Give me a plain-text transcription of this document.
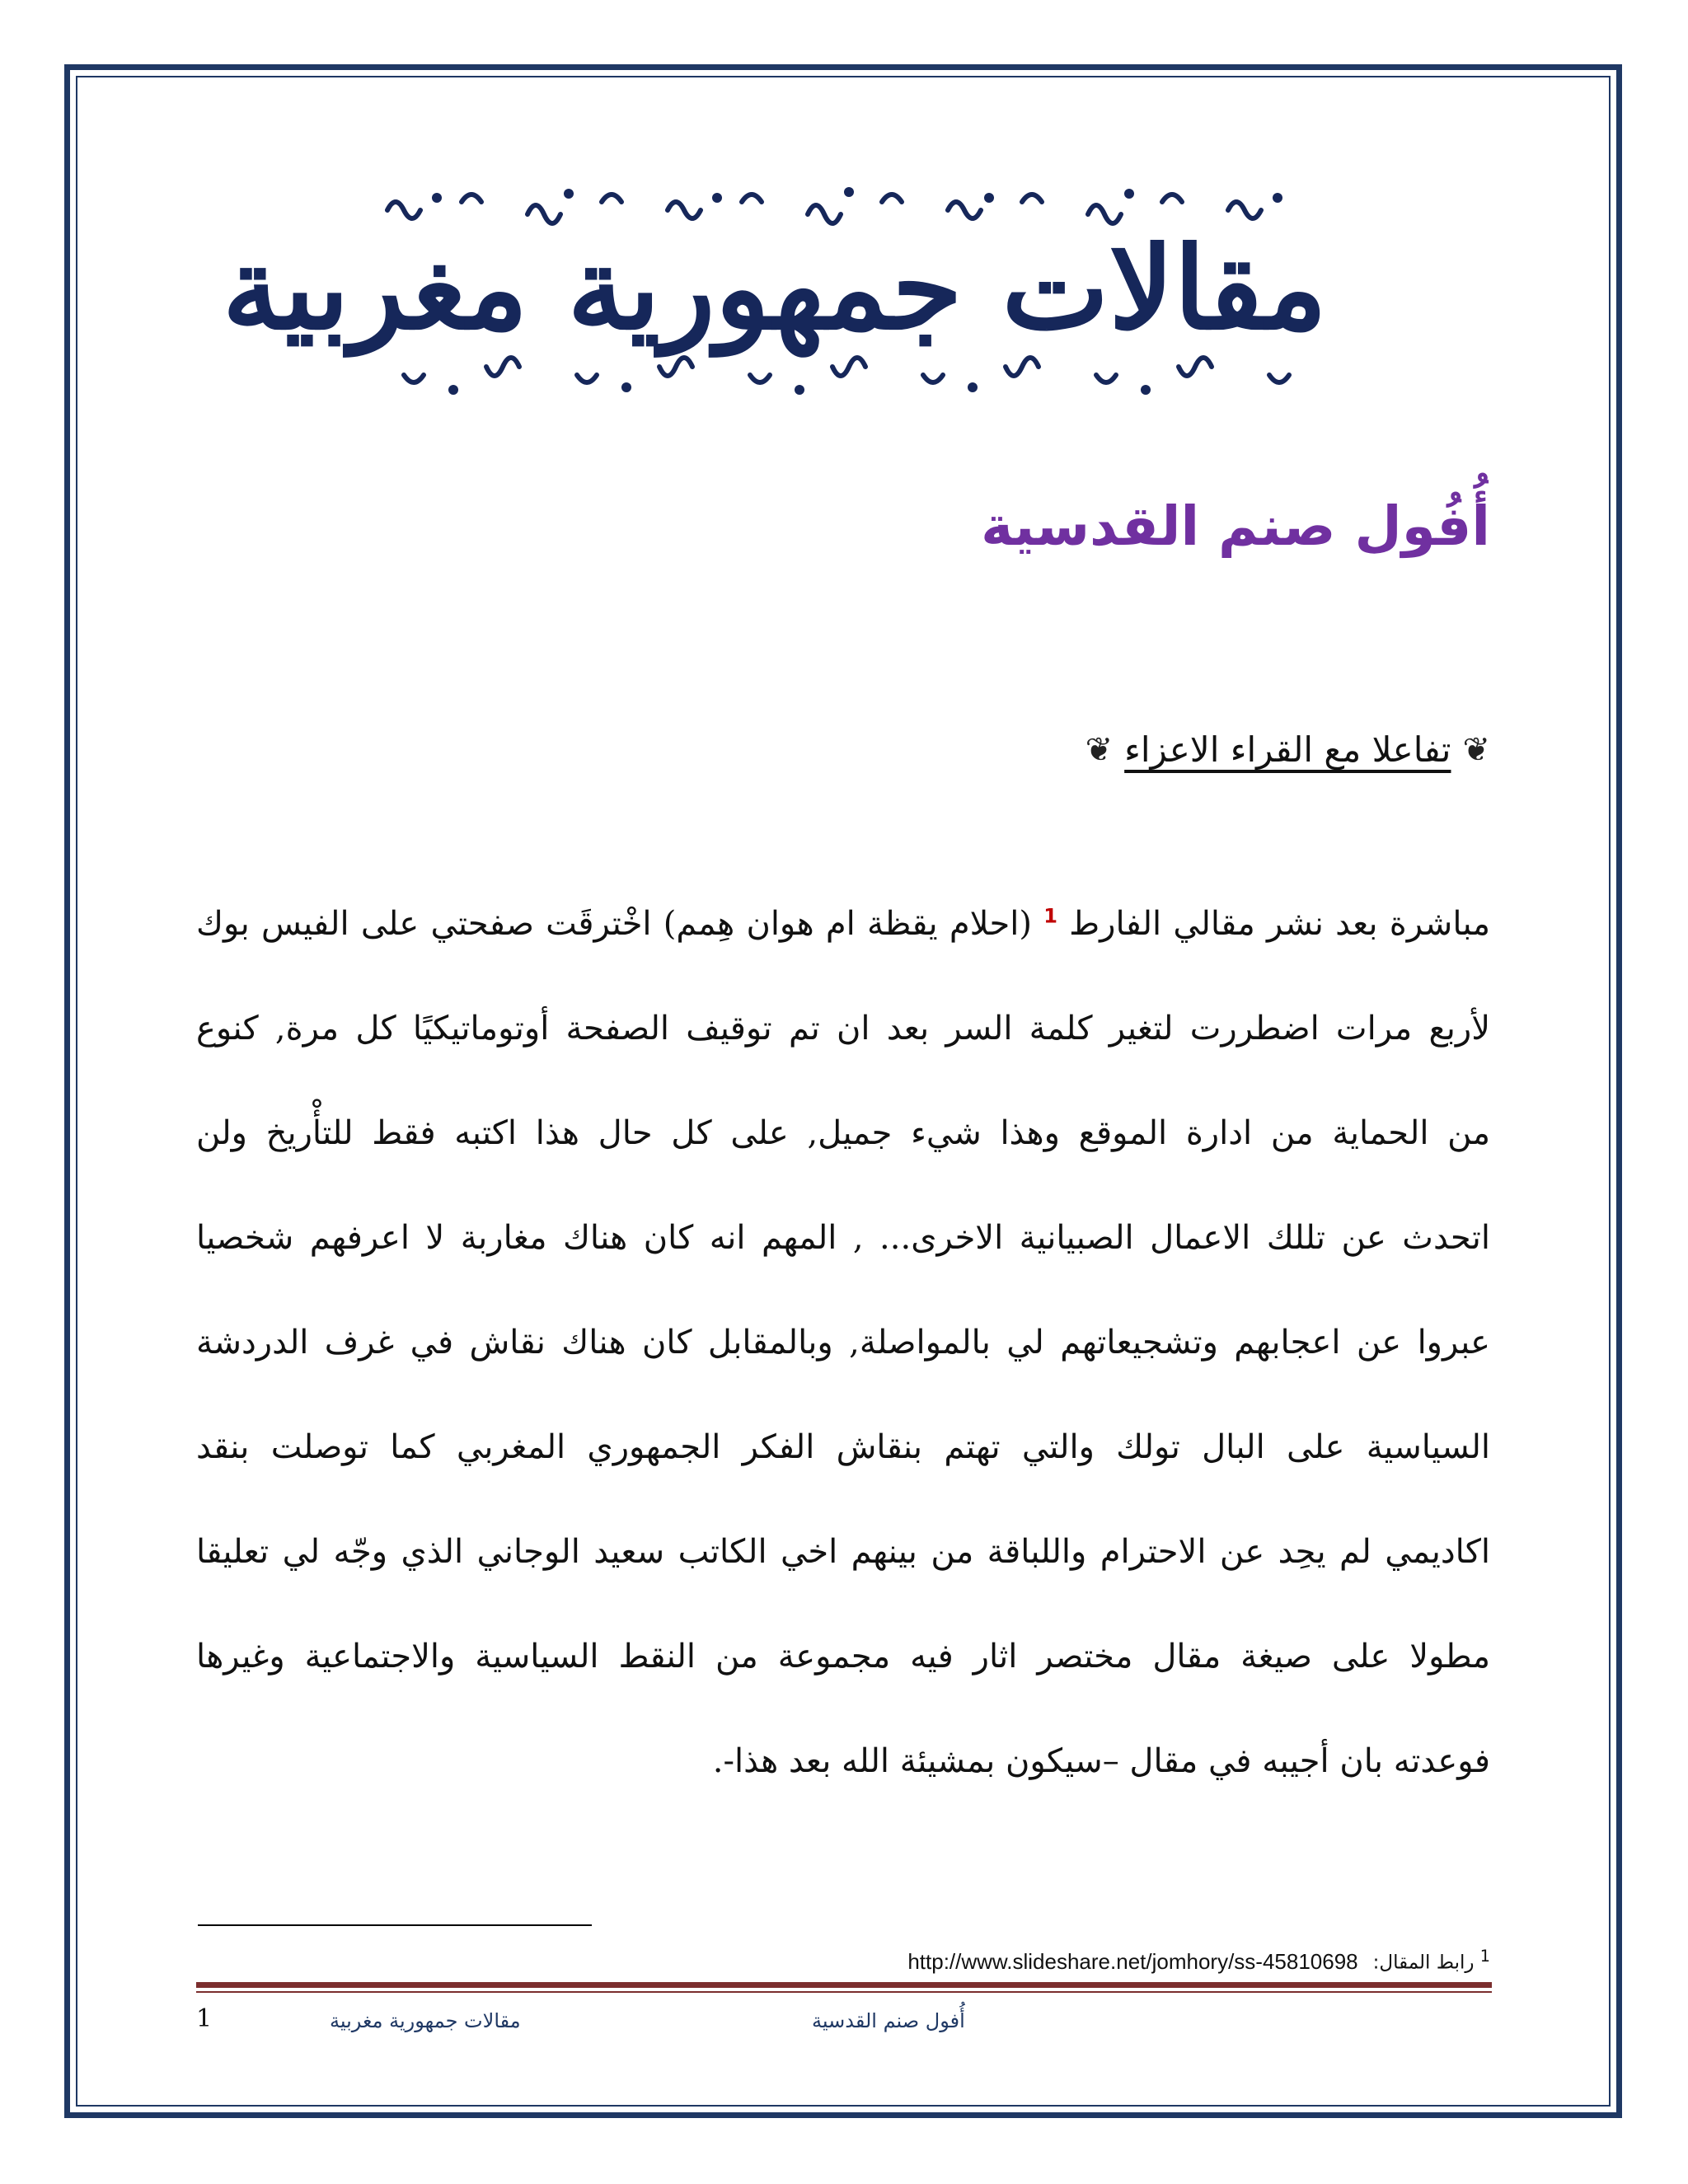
مقالات جمهورية مغربية
أُفُول صنم القدسية
❦
تفاعلا مع القراء الاعزاء
❦
مباشرة بعد نشر مقالي الفارط $^1$ (احلام يقظة ام هوان هِمم) اخْترقَت صفحتي على الفيس بوك
لأربع مرات اضطررت لتغير كلمة السر بعد ان تم توقيف الصفحة أوتوماتيكيًا كل مرة, كنوع
من الحماية من ادارة الموقع وهذا شيء جميل, على كل حال هذا اكتبه فقط للتأْريخ ولن
اتحدث عن تللك الاعمال الصبيانية الاخرى... , المهم انه كان هناك مغاربة لا اعرفهم شخصيا
عبروا عن اعجابهم وتشجيعاتهم لي بالمواصلة, وبالمقابل كان هناك نقاش في غرف الدردشة
السياسية على البال تولك والتي تهتم بنقاش الفكر الجمهوري المغربي كما توصلت بنقد
اكاديمي لم يحِد عن الاحترام واللباقة من بينهم اخي الكاتب سعيد الوجاني الذي وجّه لي تعليقا
مطولا على صيغة مقال مختصر اثار فيه مجموعة من النقط السياسية والاجتماعية وغيرها
فوعدته بان أجيبه في مقال –سيكون بمشيئة الله بعد هذا-.
$^1$ رابط المقال:
http://www.slideshare.net/jomhory/ss-45810698
1	مقالات جمهورية مغربية	أُفول صنم القدسية
